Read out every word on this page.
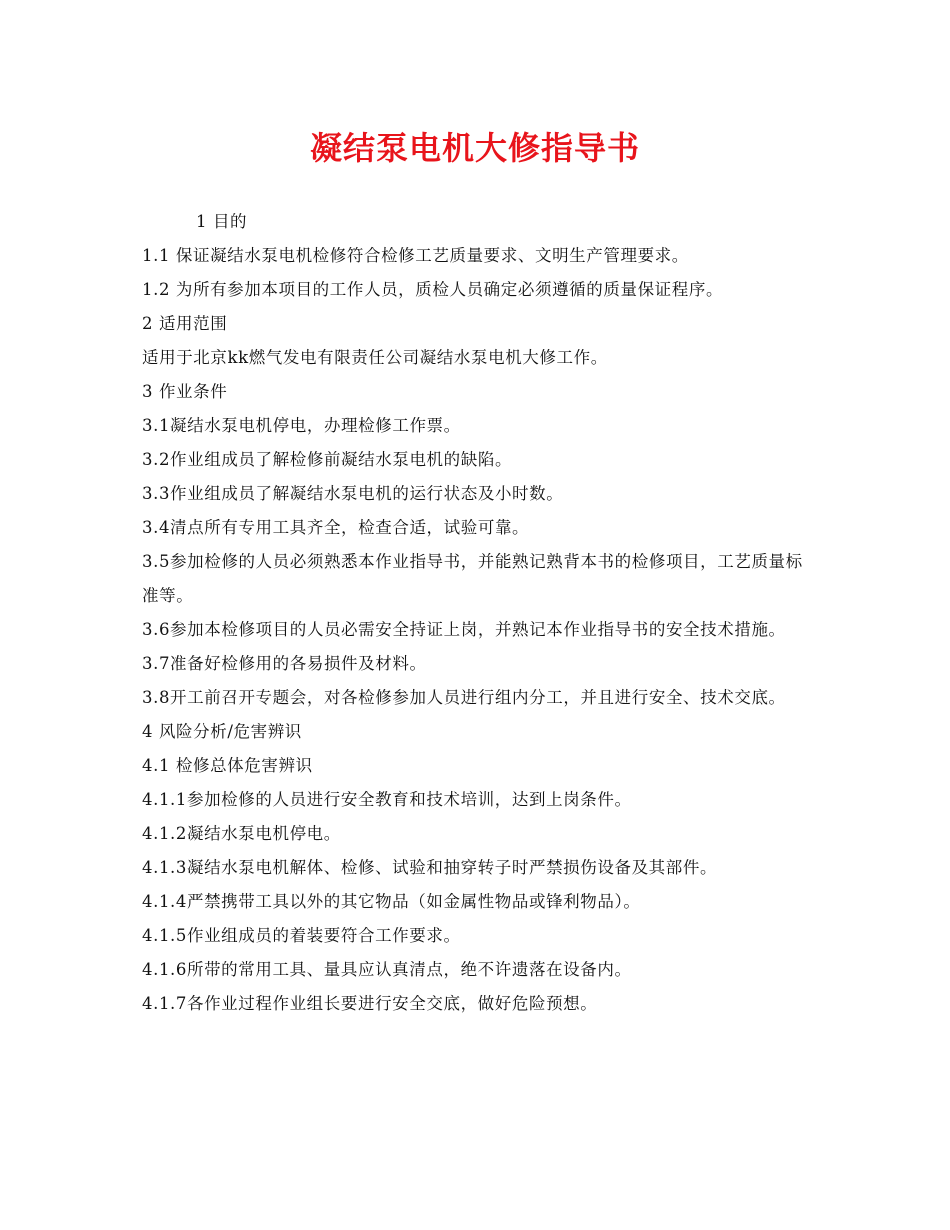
凝结泵电机大修指导书
1 目的
1.1 保证凝结水泵电机检修符合检修工艺质量要求、文明生产管理要求。
1.2 为所有参加本项目的工作人员，质检人员确定必须遵循的质量保证程序。
2 适用范围
适用于北京kk燃气发电有限责任公司凝结水泵电机大修工作。
3 作业条件
3.1凝结水泵电机停电，办理检修工作票。
3.2作业组成员了解检修前凝结水泵电机的缺陷。
3.3作业组成员了解凝结水泵电机的运行状态及小时数。
3.4清点所有专用工具齐全，检查合适，试验可靠。
3.5参加检修的人员必须熟悉本作业指导书，并能熟记熟背本书的检修项目，工艺质量标准等。
3.6参加本检修项目的人员必需安全持证上岗，并熟记本作业指导书的安全技术措施。
3.7准备好检修用的各易损件及材料。
3.8开工前召开专题会，对各检修参加人员进行组内分工，并且进行安全、技术交底。
4 风险分析/危害辨识
4.1 检修总体危害辨识
4.1.1参加检修的人员进行安全教育和技术培训，达到上岗条件。
4.1.2凝结水泵电机停电。
4.1.3凝结水泵电机解体、检修、试验和抽穿转子时严禁损伤设备及其部件。
4.1.4严禁携带工具以外的其它物品（如金属性物品或锋利物品）。
4.1.5作业组成员的着装要符合工作要求。
4.1.6所带的常用工具、量具应认真清点，绝不许遗落在设备内。
4.1.7各作业过程作业组长要进行安全交底，做好危险预想。
